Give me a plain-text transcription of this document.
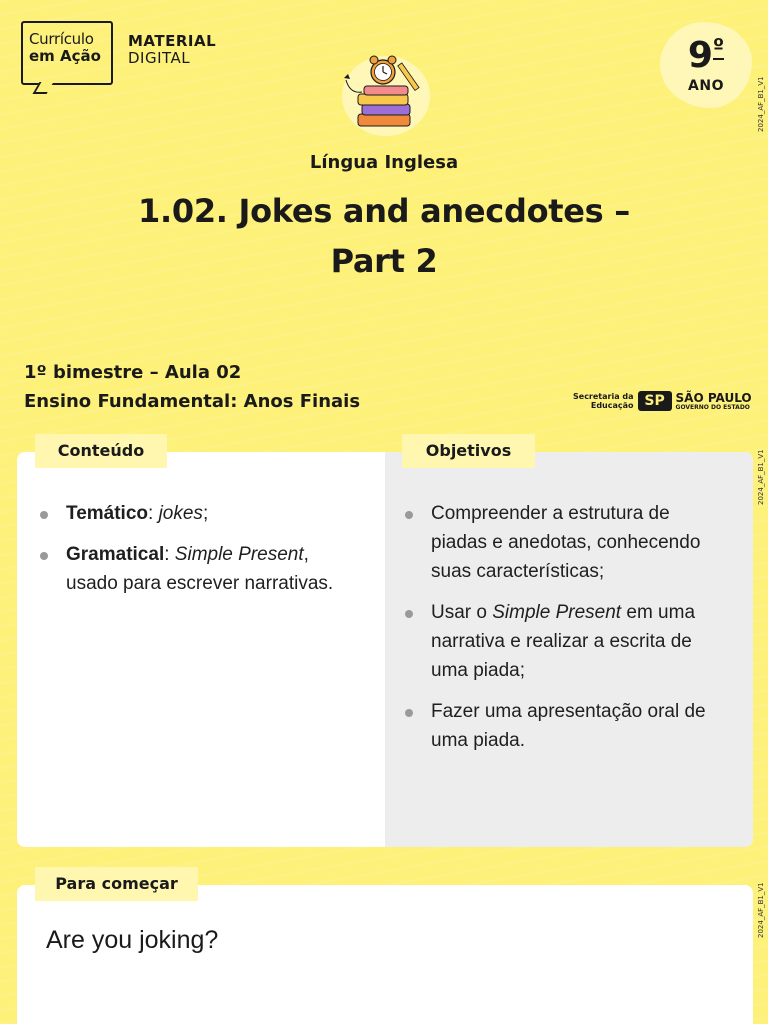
Currículo
em Ação
MATERIAL
DIGITAL	$9^º$
ANO	2024_AF_B1_V1
2024_AF_B1_V1
2024_AF_B1_V1
Língua Inglesa
1.02. Jokes and anecdotes –
Part 2
1º bimestre – Aula 02
Ensino Fundamental: Anos Finais	Secretaria da
Educação SP SÃO PAULO
GOVERNO DO ESTADO
Conteúdo	Objetivos
Temático: jokes;
Gramatical: Simple Present, usado para escrever narrativas.
Compreender a estrutura de piadas e anedotas, conhecendo suas características;
Usar o Simple Present em uma narrativa e realizar a escrita de uma piada;
Fazer uma apresentação oral de uma piada.
Para começar
Are you joking?
